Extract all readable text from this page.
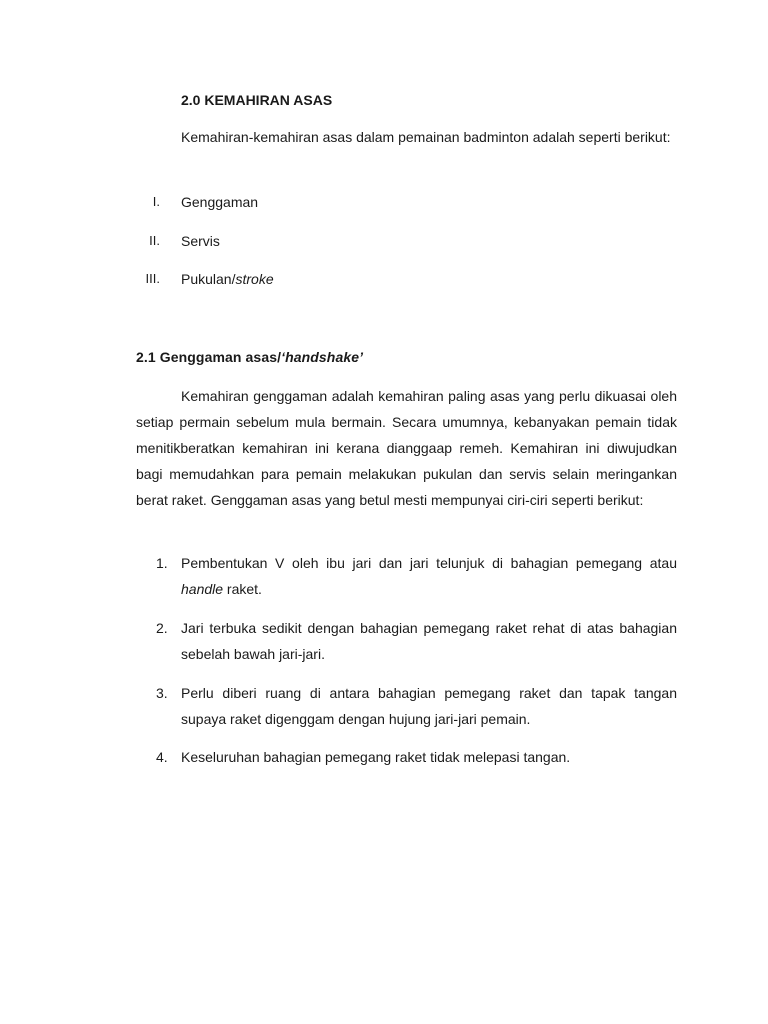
2.0 KEMAHIRAN ASAS
Kemahiran-kemahiran asas dalam pemainan badminton adalah seperti berikut:
I. Genggaman
II. Servis
III. Pukulan/stroke
2.1 Genggaman asas/‘handshake’
Kemahiran genggaman adalah kemahiran paling asas yang perlu dikuasai oleh setiap permain sebelum mula bermain. Secara umumnya, kebanyakan pemain tidak menitikberatkan kemahiran ini kerana dianggaap remeh. Kemahiran ini diwujudkan bagi memudahkan para pemain melakukan pukulan dan servis selain meringankan berat raket. Genggaman asas yang betul mesti mempunyai ciri-ciri seperti berikut:
1. Pembentukan V oleh ibu jari dan jari telunjuk di bahagian pemegang atau handle raket.
2. Jari terbuka sedikit dengan bahagian pemegang raket rehat di atas bahagian sebelah bawah jari-jari.
3. Perlu diberi ruang di antara bahagian pemegang raket dan tapak tangan supaya raket digenggam dengan hujung jari-jari pemain.
4. Keseluruhan bahagian pemegang raket tidak melepasi tangan.
